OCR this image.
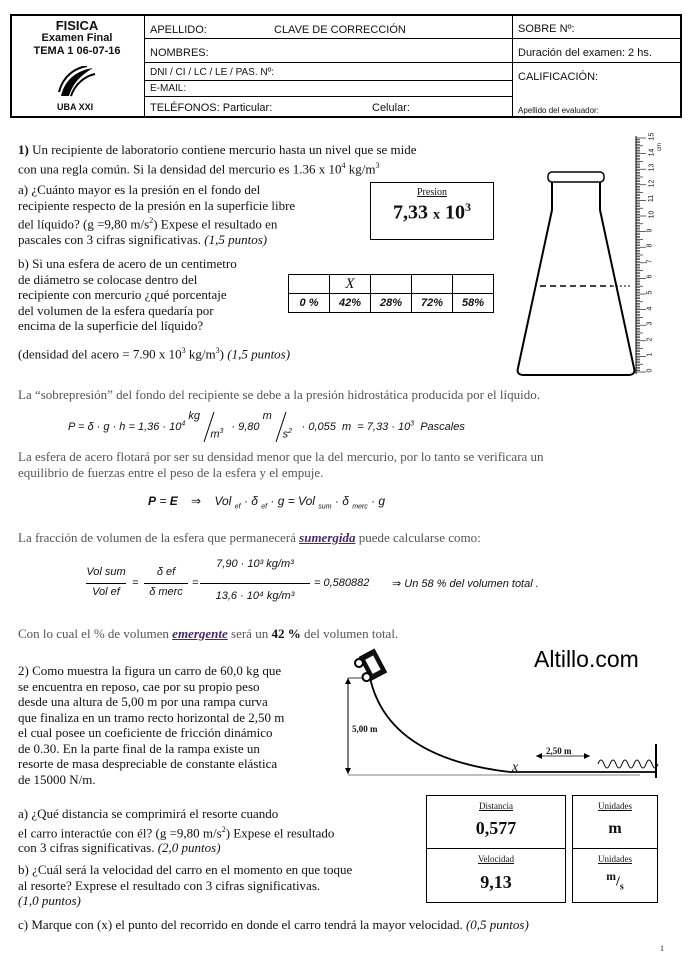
FISICA
Examen Final
TEMA 1 06-07-16
UBA XXI
APELLIDO:	CLAVE DE CORRECCIÓN
NOMBRES:
DNI / CI / LC / LE / PAS. Nº:
E-MAIL:
TELÉFONOS: Particular:	Celular:
SOBRE Nº:
Duración del examen: 2 hs.
CALIFICACIÓN:
Apellido del evaluador:

1) Un recipiente de laboratorio contiene mercurio hasta un nivel que se mide

con una regla común. Si la densidad del mercurio es 1.36 x $10^4$ $kg/m^3$

a) ¿Cuánto mayor es la presión en el fondo del

recipiente respecto de la presión en la superficie libre

del líquido? (g =9,80 $m/s^2$) Expese el resultado en

pascales con 3 cifras significativas. (1,5 puntos)

Presion
7,33 x $10^3$

b) Si una esfera de acero de un centimetro

de diámetro se colocase dentro del

recipiente con mercurio ¿qué porcentaje

del volumen de la esfera quedaría por

encima de la superficie del líquido?

(densidad del acero = 7.90 x $10^3$ $kg/m^3$) (1,5 puntos)
	X			
0 %	42%	28%	72%	58%
15
14
13
12
11
10
9
8
7
6
5
4
3
2
1
0
cm
La “sobrepresión” del fondo del recipiente se debe a la presión hidrostática producida por el líquido.
$P = \delta \cdot g \cdot h = 1,36 \cdot 10^4$
kg
$m^3 \cdot 9,80$
m
$s^2 \cdot 0,055$  $m = 7,33 \cdot 10^3$  Pascales

La esfera de acero flotará por ser su densidad menor que la del mercurio, por lo tanto se verificara un

equilibrio de fuerzas entre el peso de la esfera y el empuje.

P = E    ⇒    Vol $_{ef}$ · δ $_{ef}$ · g = Vol $_{sum}$ · δ $_{merc}$ · g
La fracción de volumen de la esfera que permanecerá sumergida puede calcularse como:
Vol sum
Vol ef
=
δ ef
δ merc
=
7,90 · 10³ kg/m³
13,6 · 10⁴ kg/m³
= 0,580882 ⇒ Un 58 % del volumen total .
Con lo cual el % de volumen emergente será un 42 % del volumen total.
Altillo.com

2) Como muestra la figura un carro de 60,0 kg que

se encuentra en reposo, cae por su propio peso

desde una altura de 5,00 m por una rampa curva

que finaliza en un tramo recto horizontal de 2,50 m

el cual posee un coeficiente de fricción dinámico

de 0.30. En la parte final de la rampa existe un

resorte de masa despreciable de constante elástica

de 15000 N/m.

5,00 m
2,50 m
x

a) ¿Qué distancia se comprimirá el resorte cuando

el carro interactúe con él? (g =9,80 $m/s^2$) Expese el resultado

con 3 cifras significativas. (2,0 puntos)

b) ¿Cuál será la velocidad del carro en el momento en que toque

al resorte? Exprese el resultado con 3 cifras significativas.

(1,0 puntos)

c) Marque con (x) el punto del recorrido en donde el carro tendrá la mayor velocidad. (0,5 puntos)
Distancia
0,577
Velocidad
9,13
Unidades
m
Unidades
$^m/_s$
1
